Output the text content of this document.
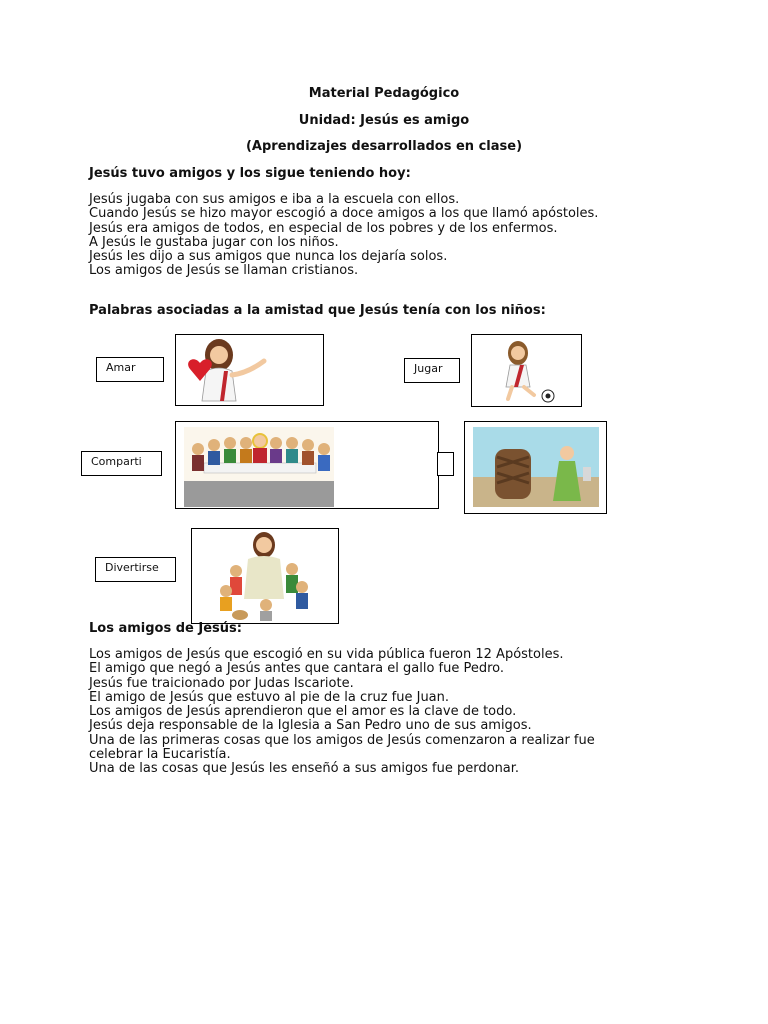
Material Pedagógico
Unidad: Jesús es amigo
(Aprendizajes desarrollados en clase)
Jesús tuvo amigos y los sigue teniendo hoy:
Jesús jugaba con sus amigos e iba a la escuela con ellos.
Cuando Jesús se hizo mayor escogió a doce amigos a los que llamó apóstoles.
Jesús era amigos de todos, en especial de los pobres y de los enfermos.
A Jesús le gustaba jugar con los niños.
Jesús les dijo a sus amigos que nunca los dejaría solos.
Los amigos de Jesús se llaman cristianos.
Palabras asociadas a la amistad que Jesús tenía con los niños:
Amar	Jugar
Comparti
Divertirse
Los amigos de Jesús:
Los amigos de Jesús que escogió en su vida pública fueron 12 Apóstoles.
El amigo que negó a Jesús antes que cantara el gallo fue Pedro.
Jesús fue traicionado por Judas Iscariote.
El amigo de Jesús que estuvo al pie de la cruz fue Juan.
Los amigos de Jesús aprendieron que el amor es la clave de todo.
Jesús deja responsable de la Iglesia a San Pedro uno de sus amigos.
Una de las primeras cosas que los amigos de Jesús comenzaron a realizar fue
celebrar la Eucaristía.
Una de las cosas que Jesús les enseñó a sus amigos fue perdonar.
